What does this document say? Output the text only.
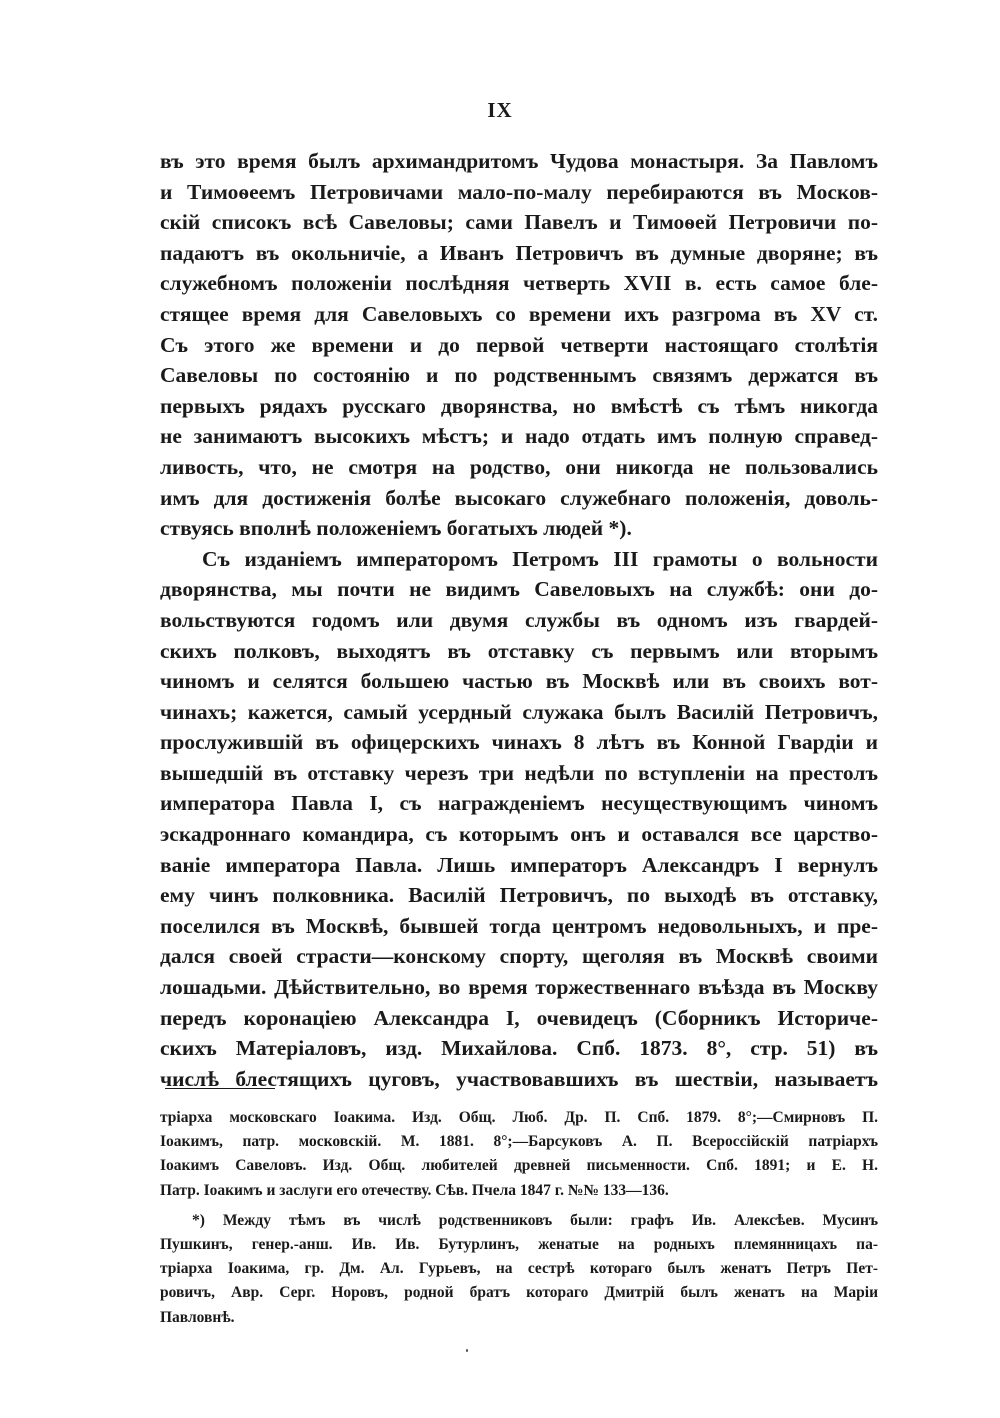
IX
въ это время былъ архимандритомъ Чудова монастыря. За Павломъ
и Тимоѳеемъ Петровичами мало-по-малу перебираются въ Москов-
скій списокъ всѣ Савеловы; сами Павелъ и Тимоѳей Петровичи по-
падаютъ въ окольничіе, а Иванъ Петровичъ въ думные дворяне; въ
служебномъ положеніи послѣдняя четверть XVII в. есть самое бле-
стящее время для Савеловыхъ со времени ихъ разгрома въ XV ст.
Съ этого же времени и до первой четверти настоящаго столѣтія
Савеловы по состоянію и по родственнымъ связямъ держатся въ
первыхъ рядахъ русскаго дворянства, но вмѣстѣ съ тѣмъ никогда
не занимаютъ высокихъ мѣстъ; и надо отдать имъ полную справед-
ливость, что, не смотря на родство, они никогда не пользовались
имъ для достиженія болѣе высокаго служебнаго положенія, доволь-
ствуясь вполнѣ положеніемъ богатыхъ людей *).
Съ изданіемъ императоромъ Петромъ III грамоты о вольности
дворянства, мы почти не видимъ Савеловыхъ на службѣ: они до-
вольствуются годомъ или двумя службы въ одномъ изъ гвардей-
скихъ полковъ, выходятъ въ отставку съ первымъ или вторымъ
чиномъ и селятся большею частью въ Москвѣ или въ своихъ вот-
чинахъ; кажется, самый усердный служака былъ Василій Петровичъ,
прослужившій въ офицерскихъ чинахъ 8 лѣтъ въ Конной Гвардіи и
вышедшій въ отставку черезъ три недѣли по вступленіи на престолъ
императора Павла I, съ награжденіемъ несуществующимъ чиномъ
эскадроннаго командира, съ которымъ онъ и оставался все царство-
ваніе императора Павла. Лишь императоръ Александръ I вернулъ
ему чинъ полковника. Василій Петровичъ, по выходѣ въ отставку,
поселился въ Москвѣ, бывшей тогда центромъ недовольныхъ, и пре-
дался своей страсти—конскому спорту, щеголяя въ Москвѣ своими
лошадьми. Дѣйствительно, во время торжественнаго въѣзда въ Москву
передъ коронаціею Александра I, очевидецъ (Сборникъ Историче-
скихъ Матеріаловъ, изд. Михайлова. Спб. 1873. 8°, стр. 51) въ
числѣ блестящихъ цуговъ, участвовавшихъ въ шествіи, называетъ
тріарха московскаго Іоакима. Изд. Общ. Люб. Др. П. Спб. 1879. 8°;—Смирновъ П.
Іоакимъ, патр. московскій. М. 1881. 8°;—Барсуковъ А. П. Всероссійскій патріархъ
Іоакимъ Савеловъ. Изд. Общ. любителей древней письменности. Спб. 1891; и Е. Н.
Патр. Іоакимъ и заслуги его отечеству. Сѣв. Пчела 1847 г. №№ 133—136.
*) Между тѣмъ въ числѣ родственниковъ были: графъ Ив. Алексѣев. Мусинъ
Пушкинъ, генер.-анш. Ив. Ив. Бутурлинъ, женатые на родныхъ племянницахъ па-
тріарха Іоакима, гр. Дм. Ал. Гурьевъ, на сестрѣ котораго былъ женатъ Петръ Пет-
ровичъ, Авр. Серг. Норовъ, родной братъ котораго Дмитрій былъ женатъ на Маріи
Павловнѣ.
